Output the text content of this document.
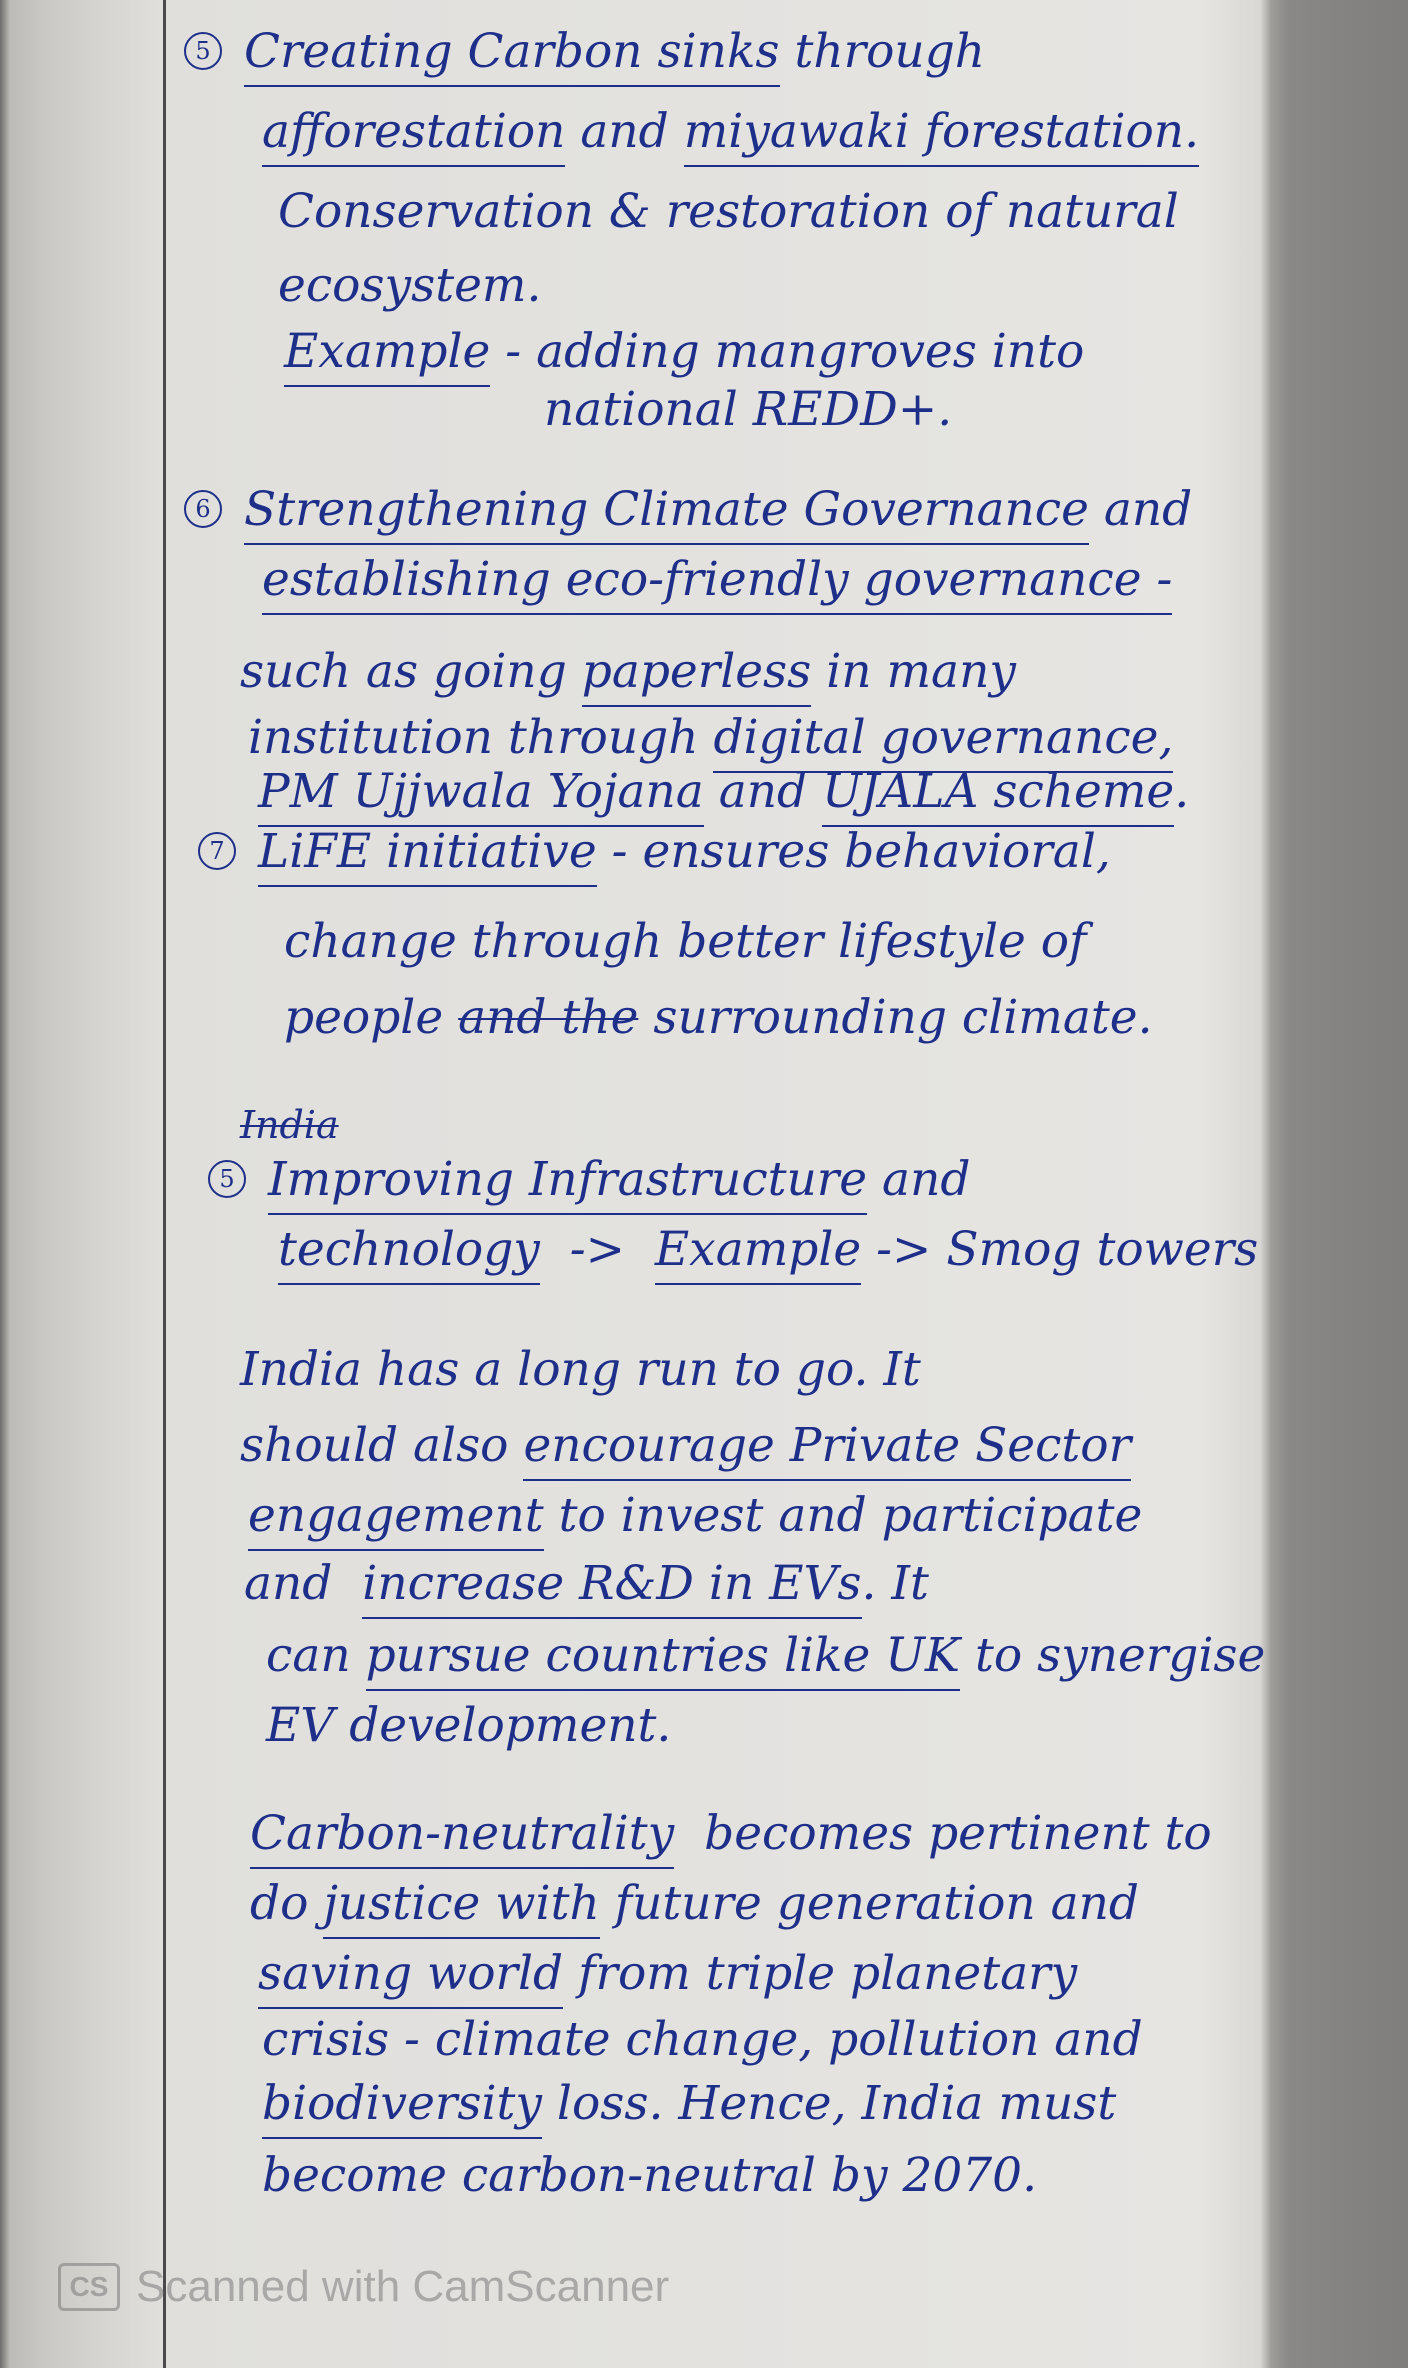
5 Creating Carbon sinks through
afforestation and miyawaki forestation.
Conservation & restoration of natural
ecosystem.
Example - adding mangroves into
national REDD+.
6 Strengthening Climate Governance and
establishing eco-friendly governance -
such as going paperless in many
institution through digital governance,
PM Ujjwala Yojana and UJALA scheme.
7 LiFE initiative - ensures behavioral,
change through better lifestyle of
people and the surrounding climate.
India
5 Improving Infrastructure and
technology -> Example -> Smog towers
India has a long run to go. It
should also encourage Private Sector
engagement to invest and participate
and increase R&D in EVs. It
can pursue countries like UK to synergise
EV development.
Carbon-neutrality becomes pertinent to
do justice with future generation and
saving world from triple planetary
crisis - climate change, pollution and
biodiversity loss. Hence, India must
become carbon-neutral by 2070.
CS Scanned with CamScanner
